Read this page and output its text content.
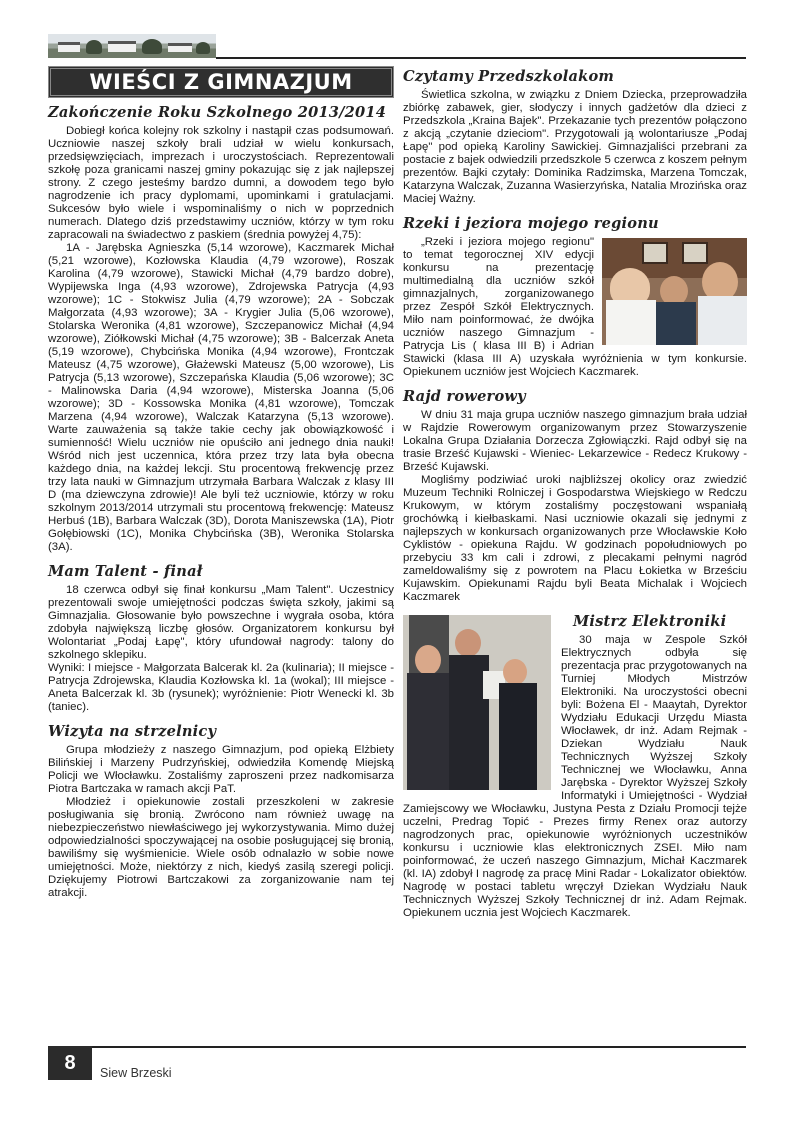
WIEŚCI Z GIMNAZJUM
Zakończenie Roku Szkolnego 2013/2014

Dobiegł końca kolejny rok szkolny i nastąpił czas podsumowań. Uczniowie naszej szkoły brali udział w wielu konkursach, przedsięwzięciach, imprezach i uroczystościach. Reprezentowali szkołę poza granicami naszej gminy pokazując się z jak najlepszej strony. Z czego jesteśmy bardzo dumni, a dowodem tego było nagrodzenie ich pracy dyplomami, upominkami i gratulacjami. Sukcesów było wiele i wspominaliśmy o nich w poprzednich numerach. Dlatego dziś przedstawimy uczniów, którzy w tym roku zapracowali na świadectwo z paskiem (średnia powyżej 4,75):

1A - Jarębska Agnieszka (5,14 wzorowe), Kaczmarek Michał (5,21 wzorowe), Kozłowska Klaudia (4,79 wzorowe), Roszak Karolina (4,79 wzorowe), Stawicki Michał (4,79 bardzo dobre), Wypijewska Inga (4,93 wzorowe), Zdrojewska Patrycja (4,93 wzorowe); 1C - Stokwisz Julia (4,79 wzorowe); 2A - Sobczak Małgorzata (4,93 wzorowe); 3A - Krygier Julia (5,06 wzorowe), Stolarska Weronika (4,81 wzorowe), Szczepanowicz Michał (4,94 wzorowe), Ziółkowski Michał (4,75 wzorowe); 3B - Balcerzak Aneta (5,19 wzorowe), Chybcińska Monika (4,94 wzorowe), Frontczak Mateusz (4,75 wzorowe), Głażewski Mateusz (5,00 wzorowe), Lis Patrycja (5,13 wzorowe), Szczepańska Klaudia (5,06 wzorowe); 3C - Malinowska Daria (4,94 wzorowe), Misterska Joanna (5,06 wzorowe); 3D - Kossowska Monika (4,81 wzorowe), Tomczak Marzena (4,94 wzorowe), Walczak Katarzyna (5,13 wzorowe). Warte zauważenia są także takie cechy jak obowiązkowość i sumienność! Wielu uczniów nie opuściło ani jednego dnia nauki! Wśród nich jest uczennica, która przez trzy lata była obecna każdego dnia, na każdej lekcji. Stu procentową frekwencję przez trzy lata nauki w Gimnazjum utrzymała Barbara Walczak z klasy III D (ma dziewczyna zdrowie)! Ale byli też uczniowie, którzy w roku szkolnym 2013/2014 utrzymali stu procentową frekwencję: Mateusz Herbuś (1B), Barbara Walczak (3D), Dorota Maniszewska (1A), Piotr Gołębiowski (1C), Monika Chybcińska (3B), Weronika Stolarska (3A).

Mam Talent - finał

18 czerwca odbył się finał konkursu „Mam Talent". Uczestnicy prezentowali swoje umiejętności podczas święta szkoły, jakimi są Gimnazjalia. Głosowanie było powszechne i wygrała osoba, która zdobyła największą liczbę głosów. Organizatorem konkursu był Wolontariat „Podaj Łapę", który ufundował nagrody: talony do szkolnego sklepiku.

Wyniki: I miejsce - Małgorzata Balcerak kl. 2a (kulinaria); II miejsce - Patrycja Zdrojewska, Klaudia Kozłowska kl. 1a (wokal); III miejsce - Aneta Balcerzak kl. 3b (rysunek); wyróżnienie: Piotr Wenecki kl. 3b (taniec).

Wizyta na strzelnicy

Grupa młodzieży z naszego Gimnazjum, pod opieką Elżbiety Bilińskiej i Marzeny Pudrzyńskiej, odwiedziła Komendę Miejską Policji we Włocławku. Zostaliśmy zaproszeni przez nadkomisarza Piotra Bartczaka w ramach akcji PaT.

Młodzież i opiekunowie zostali przeszkoleni w zakresie posługiwania się bronią. Zwrócono nam również uwagę na niebezpieczeństwo niewłaściwego jej wykorzystywania. Mimo dużej odpowiedzialności spoczywającej na osobie posługującej się bronią, bawiliśmy się wyśmienicie. Wiele osób odnalazło w sobie nowe umiejętności. Może, niektórzy z nich, kiedyś zasilą szeregi policji. Dziękujemy Piotrowi Bartczakowi za zorganizowanie nam tej atrakcji.

Czytamy Przedszkolakom

Świetlica szkolna, w związku z Dniem Dziecka, przeprowadziła zbiórkę zabawek, gier, słodyczy i innych gadżetów dla dzieci z Przedszkola „Kraina Bajek". Przekazanie tych prezentów połączono z akcją „czytanie dzieciom". Przygotowali ją wolontariusze „Podaj Łapę" pod opieką Karoliny Sawickiej. Gimnazjaliści przebrani za postacie z bajek odwiedzili przedszkole 5 czerwca z koszem pełnym prezentów. Bajki czytały: Dominika Radzimska, Marzena Tomczak, Katarzyna Walczak, Zuzanna Wasierzyńska, Natalia Mrozińska oraz Maciej Ważny.

Rzeki i jeziora mojego regionu

„Rzeki i jeziora mojego regionu" to temat tegorocznej XIV edycji konkursu na prezentację multimedialną dla uczniów szkół gimnazjalnych, zorganizowanego przez Zespół Szkół Elektrycznych. Miło nam poinformować, że dwójka uczniów naszego Gimnazjum - Patrycja Lis ( klasa III B) i Adrian Stawicki (klasa III A) uzyskała wyróżnienia w tym konkursie. Opiekunem uczniów jest Wojciech Kaczmarek.

Rajd rowerowy

W dniu 31 maja grupa uczniów naszego gimnazjum brała udział w Rajdzie Rowerowym organizowanym przez Stowarzyszenie Lokalna Grupa Działania Dorzecza Zgłowiączki. Rajd odbył się na trasie Brześć Kujawski - Wieniec- Lekarzewice - Redecz Krukowy - Brześć Kujawski.

Mogliśmy podziwiać uroki najbliższej okolicy oraz zwiedzić Muzeum Techniki Rolniczej i Gospodarstwa Wiejskiego w Redczu Krukowym, w którym zostaliśmy poczęstowani wspaniałą grochówką i kiełbaskami. Nasi uczniowie okazali się jednymi z najlepszych w konkursach organizowanych prze Włocławskie Koło Cyklistów - opiekuna Rajdu. W godzinach popołudniowych po przebyciu 33 km cali i zdrowi, z plecakami pełnymi nagród zameldowaliśmy się z powrotem na Placu Łokietka w Brześciu Kujawskim. Opiekunami Rajdu byli Beata Michalak i Wojciech Kaczmarek

Mistrz Elektroniki

30 maja w Zespole Szkół Elektrycznych odbyła się prezentacja prac przygotowanych na Turniej Młodych Mistrzów Elektroniki. Na uroczystości obecni byli: Bożena El - Maaytah, Dyrektor Wydziału Edukacji Urzędu Miasta Włocławek, dr inż. Adam Rejmak - Dziekan Wydziału Nauk Technicznych Wyższej Szkoły Technicznej we Włocławku, Anna Jarębska - Dyrektor Wyższej Szkoły Informatyki i Umiejętności - Wydział Zamiejscowy we Włocławku, Justyna Pesta z Działu Promocji tejże uczelni, Predrag Topić - Prezes firmy Renex oraz autorzy nagrodzonych prac, opiekunowie wyróżnionych uczestników konkursu i uczniowie klas elektronicznych ZSEI. Miło nam poinformować, że uczeń naszego Gimnazjum, Michał Kaczmarek (kl. IA) zdobył I nagrodę za pracę Mini Radar - Lokalizator obiektów. Nagrodę w postaci tabletu wręczył Dziekan Wydziału Nauk Technicznych Wyższej Szkoły Technicznej dr inż. Adam Rejmak. Opiekunem ucznia jest Wojciech Kaczmarek.

8	Siew Brzeski
